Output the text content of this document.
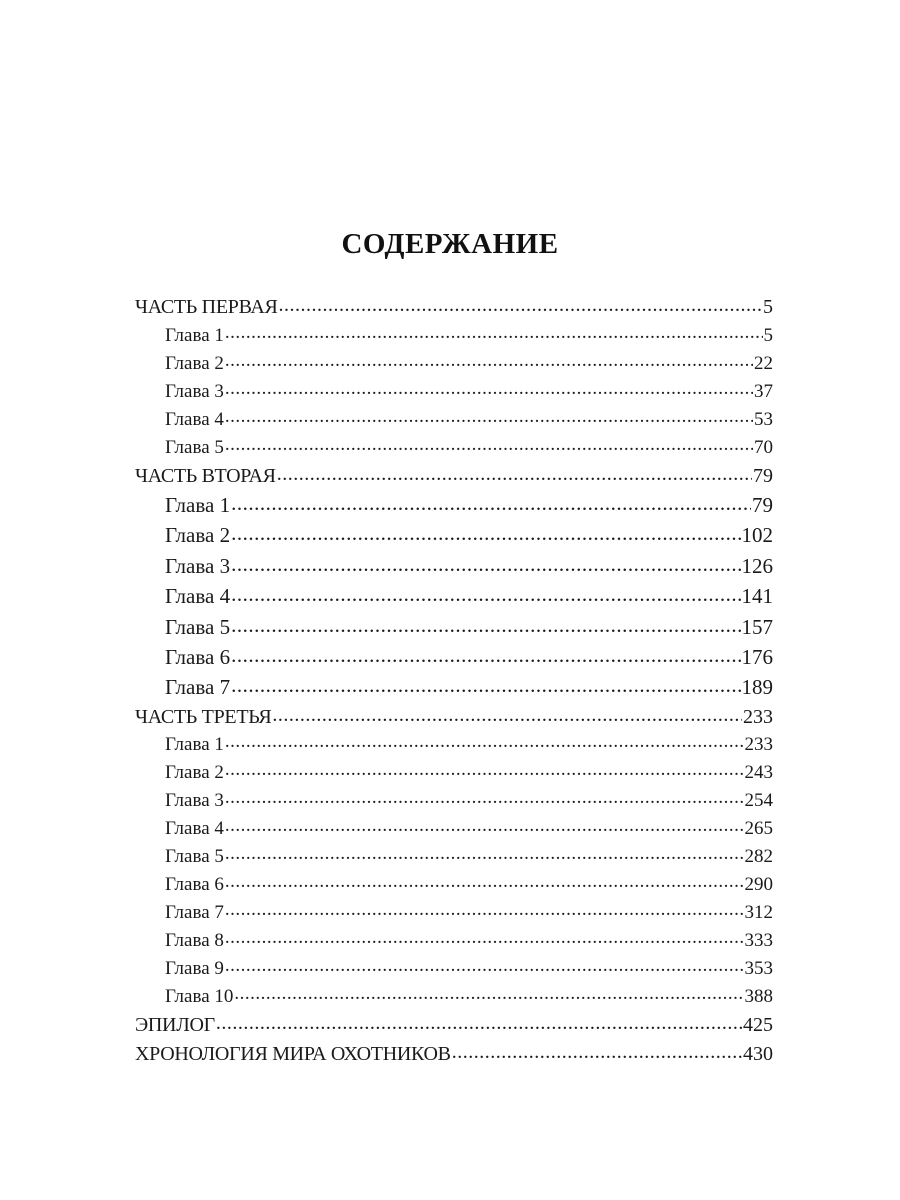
СОДЕРЖАНИЕ
ЧАСТЬ ПЕРВАЯ .....	5
Глава 1 .....	5
Глава 2 .....	22
Глава 3 .....	37
Глава 4 .....	53
Глава 5 .....	70
ЧАСТЬ ВТОРАЯ .....	79
Глава 1 .....	79
Глава 2 .....	102
Глава 3 .....	126
Глава 4 .....	141
Глава 5 .....	157
Глава 6 .....	176
Глава 7 .....	189
ЧАСТЬ ТРЕТЬЯ .....	233
Глава 1 .....	233
Глава 2 .....	243
Глава 3 .....	254
Глава 4 .....	265
Глава 5 .....	282
Глава 6 .....	290
Глава 7 .....	312
Глава 8 .....	333
Глава 9 .....	353
Глава 10 .....	388
ЭПИЛОГ .....	425
ХРОНОЛОГИЯ МИРА ОХОТНИКОВ .....	430
